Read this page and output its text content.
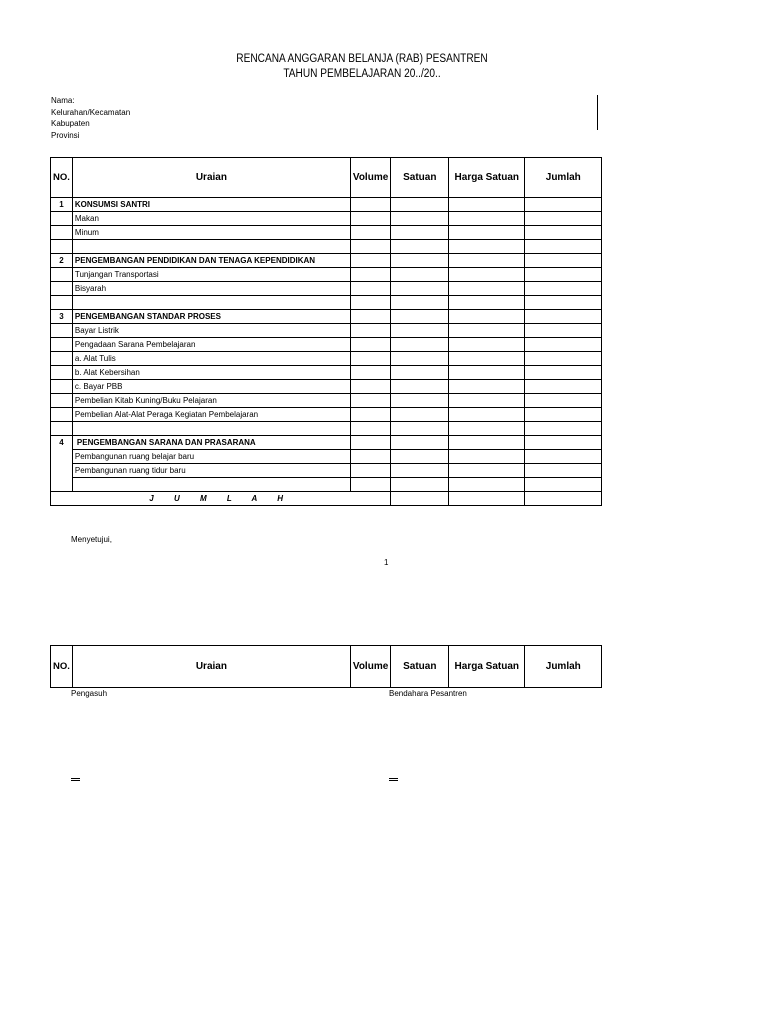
RENCANA ANGGARAN BELANJA (RAB) PESANTREN
TAHUN PEMBELAJARAN 20../20..
Nama:
Kelurahan/Kecamatan
Kabupaten
Provinsi
NO.	Uraian	Volume	Satuan	Harga Satuan	Jumlah
1	KONSUMSI SANTRI				
	Makan				
	Minum				

2	PENGEMBANGAN PENDIDIKAN DAN TENAGA KEPENDIDIKAN				
	Tunjangan Transportasi				
	Bisyarah				

3	PENGEMBANGAN STANDAR PROSES				
	Bayar Listrik				
	Pengadaan Sarana Pembelajaran				
	a. Alat Tulis				
	b. Alat Kebersihan				
	c. Bayar PBB				
	Pembelian Kitab Kuning/Buku Pelajaran				
	Pembelian Alat-Alat Peraga Kegiatan Pembelajaran				

4	PENGEMBANGAN SARANA DAN PRASARANA				
	Pembangunan ruang belajar baru				
	Pembangunan ruang tidur baru				

J U M L A H					
Menyetujui,
1
NO.	Uraian	Volume	Satuan	Harga Satuan	Jumlah
Pengasuh	Bendahara Pesantren
